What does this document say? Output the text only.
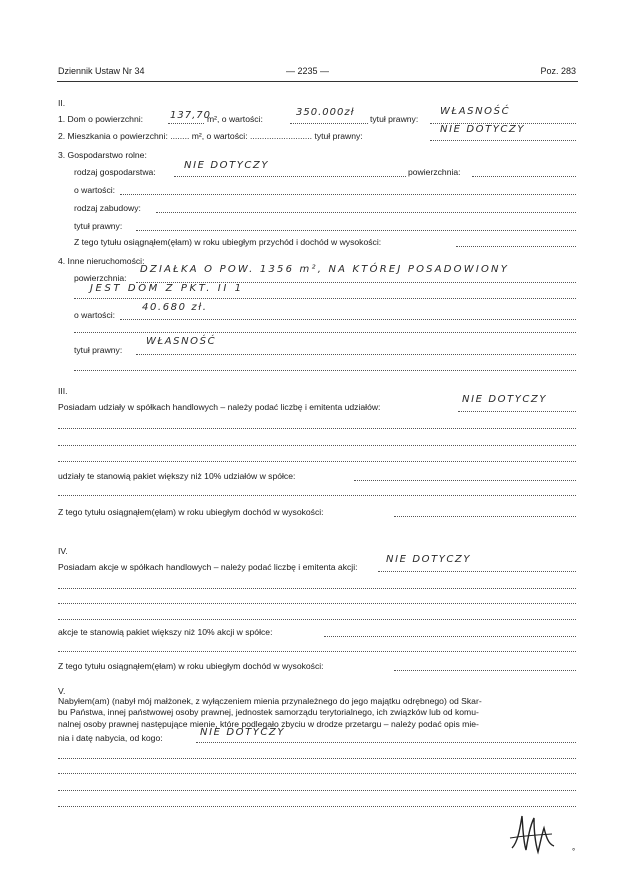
Dziennik Ustaw Nr 34	— 2235 —	Poz. 283
II.
1. Dom o powierzchni:	137,70
m², o wartości:
350.000zł
tytuł prawny:
WŁASNOŚĆ
2. Mieszkania o powierzchni: ........ m², o wartości: .......................... tytuł prawny:
NIE DOTYCZY
3. Gospodarstwo rolne:
rodzaj gospodarstwa:
NIE DOTYCZY
powierzchnia:
o wartości:
rodzaj zabudowy:
tytuł prawny:
Z tego tytułu osiągnąłem(ęłam) w roku ubiegłym przychód i dochód w wysokości:
4. Inne nieruchomości:
powierzchnia:
DZIAŁKA O POW. 1356 m², NA KTÓREJ POSADOWIONY
JEST DOM Z PKT. II 1
o wartości:
40.680 zł.
tytuł prawny:
WŁASNOŚĆ
III.
Posiadam udziały w spółkach handlowych – należy podać liczbę i emitenta udziałów:
NIE DOTYCZY
udziały te stanowią pakiet większy niż 10% udziałów w spółce:
Z tego tytułu osiągnąłem(ęłam) w roku ubiegłym dochód w wysokości:
IV.
Posiadam akcje w spółkach handlowych – należy podać liczbę i emitenta akcji:
NIE DOTYCZY
akcje te stanowią pakiet większy niż 10% akcji w spółce:
Z tego tytułu osiągnąłem(ęłam) w roku ubiegłym dochód w wysokości:
V.
Nabyłem(am) (nabył mój małżonek, z wyłączeniem mienia przynależnego do jego majątku odrębnego) od Skar-
bu Państwa, innej państwowej osoby prawnej, jednostek samorządu terytorialnego, ich związków lub od komu-
nalnej osoby prawnej następujące mienie, które podlegało zbyciu w drodze przetargu – należy podać opis mie-
nia i datę nabycia, od kogo:	NIE DOTYCZY
°
